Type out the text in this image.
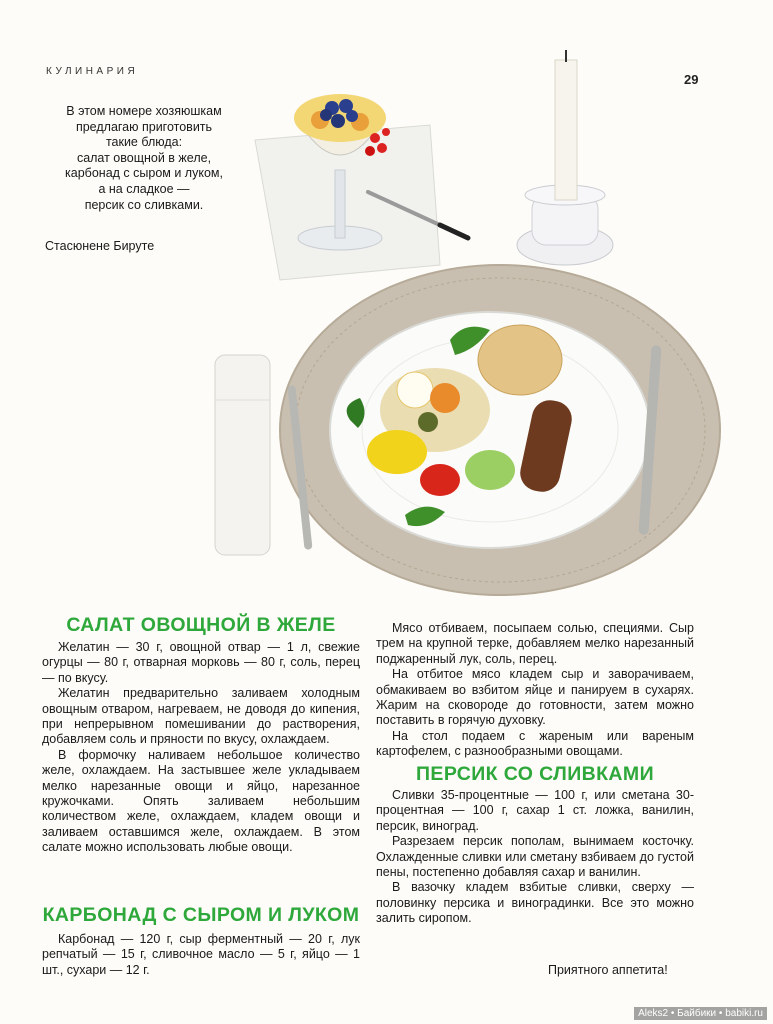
КУЛИНАРИЯ
29

В этом номере хозяюшкам

предлагаю приготовить

такие блюда:

салат овощной в желе,

карбонад с сыром и луком,

а на сладкое —

персик со сливками.

Стасюнене Бируте
САЛАТ ОВОЩНОЙ В ЖЕЛЕ

Желатин — 30 г, овощной отвар — 1 л, свежие огурцы — 80 г, отварная морковь — 80 г, соль, перец — по вкусу.

Желатин предварительно заливаем холодным овощным отваром, нагреваем, не доводя до кипения, при непрерывном помешивании до растворения, добавляем соль и пряности по вкусу, охлаждаем.

В формочку наливаем небольшое количество желе, охлаждаем. На застывшее желе укладываем мелко нарезанные овощи и яйцо, нарезанное кружочками. Опять заливаем небольшим количеством желе, охлаждаем, кладем овощи и заливаем оставшимся желе, охлаждаем. В этом салате можно использовать любые овощи.

КАРБОНАД С СЫРОМ И ЛУКОМ

Карбонад — 120 г, сыр ферментный — 20 г, лук репчатый — 15 г, сливочное масло — 5 г, яйцо — 1 шт., сухари — 12 г.

Мясо отбиваем, посыпаем солью, специями. Сыр трем на крупной терке, добавляем мелко нарезанный поджаренный лук, соль, перец.

На отбитое мясо кладем сыр и заворачиваем, обмакиваем во взбитом яйце и панируем в сухарях. Жарим на сковороде до готовности, затем можно поставить в горячую духовку.

На стол подаем с жареным или вареным картофелем, с разнообразными овощами.

ПЕРСИК СО СЛИВКАМИ

Сливки 35-процентные — 100 г, или сметана 30-процентная — 100 г, сахар 1 ст. ложка, ванилин, персик, виноград.

Разрезаем персик пополам, вынимаем косточку. Охлажденные сливки или сметану взбиваем до густой пены, постепенно добавляя сахар и ванилин.

В вазочку кладем взбитые сливки, сверху — половинку персика и виноградинки. Все это можно залить сиропом.

Приятного аппетита!
Aleks2 • Байбики • babiki.ru
